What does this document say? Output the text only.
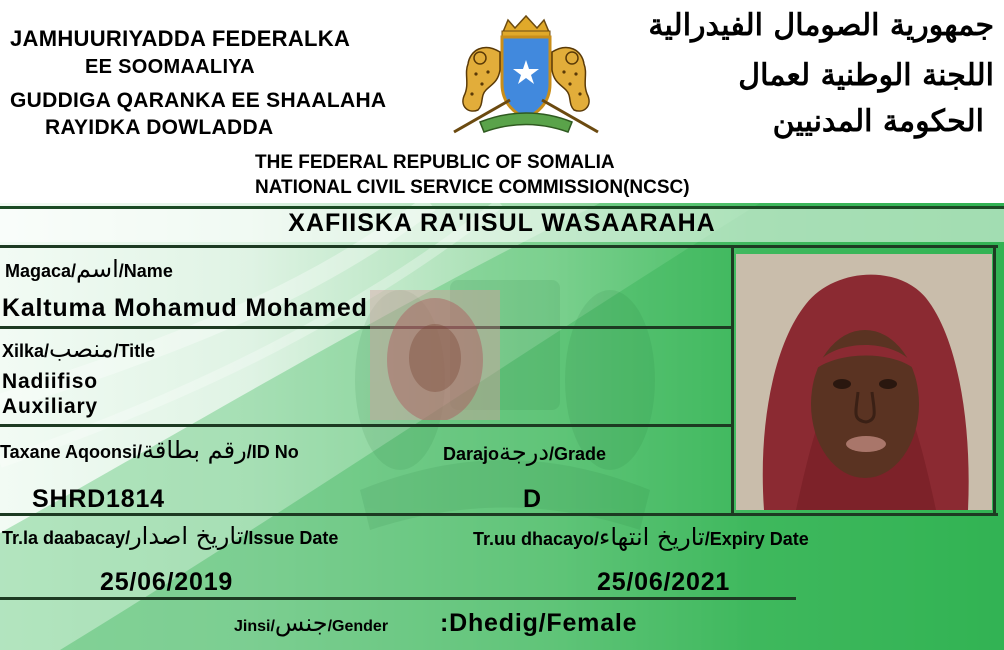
JAMHUURIYADDA FEDERALKA
EE SOOMAALIYA
GUDDIGA QARANKA EE SHAALAHA
RAYIDKA DOWLADDA
جمهورية الصومال الفيدرالية
اللجنة الوطنية لعمال
الحكومة المدنيين
THE FEDERAL REPUBLIC OF SOMALIA
NATIONAL CIVIL SERVICE COMMISSION(NCSC)
XAFIISKA RA'IISUL WASAARAHA
Magaca/اسم/Name
Kaltuma Mohamud Mohamed
Xilka/منصب/Title
Nadiifiso
Auxiliary
Taxane Aqoonsi/رقم بطاقة/ID No
SHRD1814
Darajoدرجة/Grade
D
Tr.la daabacay/تاريخ اصدار/Issue Date
25/06/2019
Tr.uu dhacayo/تاريخ انتهاء/Expiry Date
25/06/2021
Jinsi/جنس/Gender :Dhedig/Female
